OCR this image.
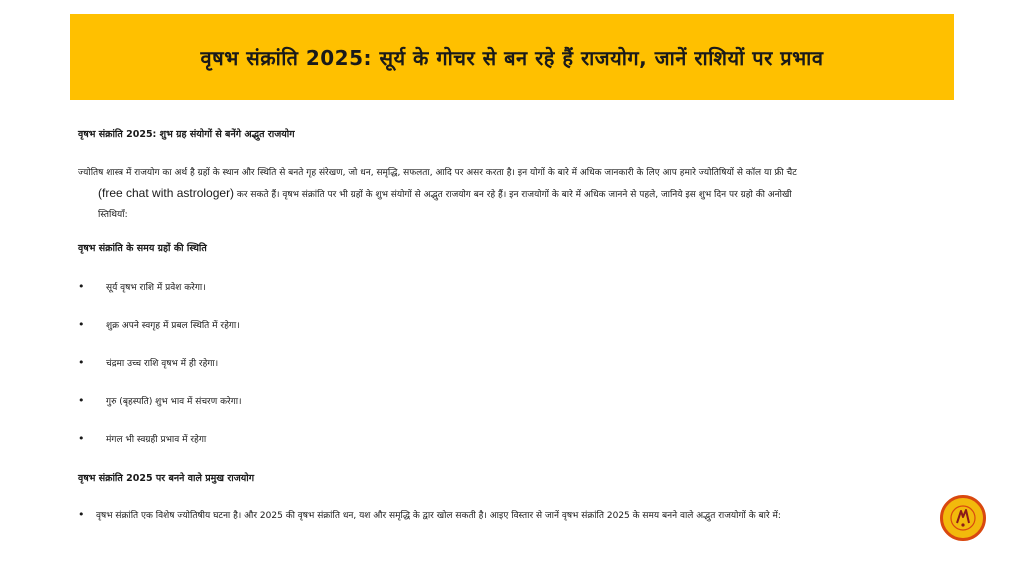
वृषभ संक्रांति 2025: सूर्य के गोचर से बन रहे हैं राजयोग, जानें राशियों पर प्रभाव
वृषभ संक्रांति 2025: शुभ ग्रह संयोगों से बनेंगे अद्भुत राजयोग
ज्योतिष शास्त्र में राजयोग का अर्थ है ग्रहों के स्थान और स्थिति से बनते गृह संरेखण, जो धन, समृद्धि, सफलता, आदि पर असर करता है। इन योगों के बारे में अधिक जानकारी के लिए आप हमारे ज्योतिषियों से कॉल या फ्री चैट
(free chat with astrologer) कर सकते हैं। वृषभ संक्रांति पर भी ग्रहों के शुभ संयोगों से अद्भुत राजयोग बन रहे हैं। इन राजयोगों के बारे में अधिक जानने से पहले, जानिये इस शुभ दिन पर ग्रहो की अनोखी
स्तिथियाँ:
वृषभ संक्रांति के समय ग्रहों की स्थिति
•	सूर्य वृषभ राशि में प्रवेश करेगा।
•	शुक्र अपने स्वगृह में प्रबल स्थिति में रहेगा।
•	चंद्रमा उच्च राशि वृषभ में ही रहेगा।
•	गुरु (बृहस्पति) शुभ भाव में संचरण करेगा।
•	मंगल भी स्वग्रही प्रभाव में रहेगा
वृषभ संक्रांति 2025 पर बनने वाले प्रमुख राजयोग
•	वृषभ संक्रांति एक विशेष ज्योतिषीय घटना है। और 2025 की वृषभ संक्रांति धन, यश और समृद्धि के द्वार खोल सकती है। आइए विस्तार से जानें वृषभ संक्रांति 2025 के समय बनने वाले अद्भुत राजयोगों के बारे में:
